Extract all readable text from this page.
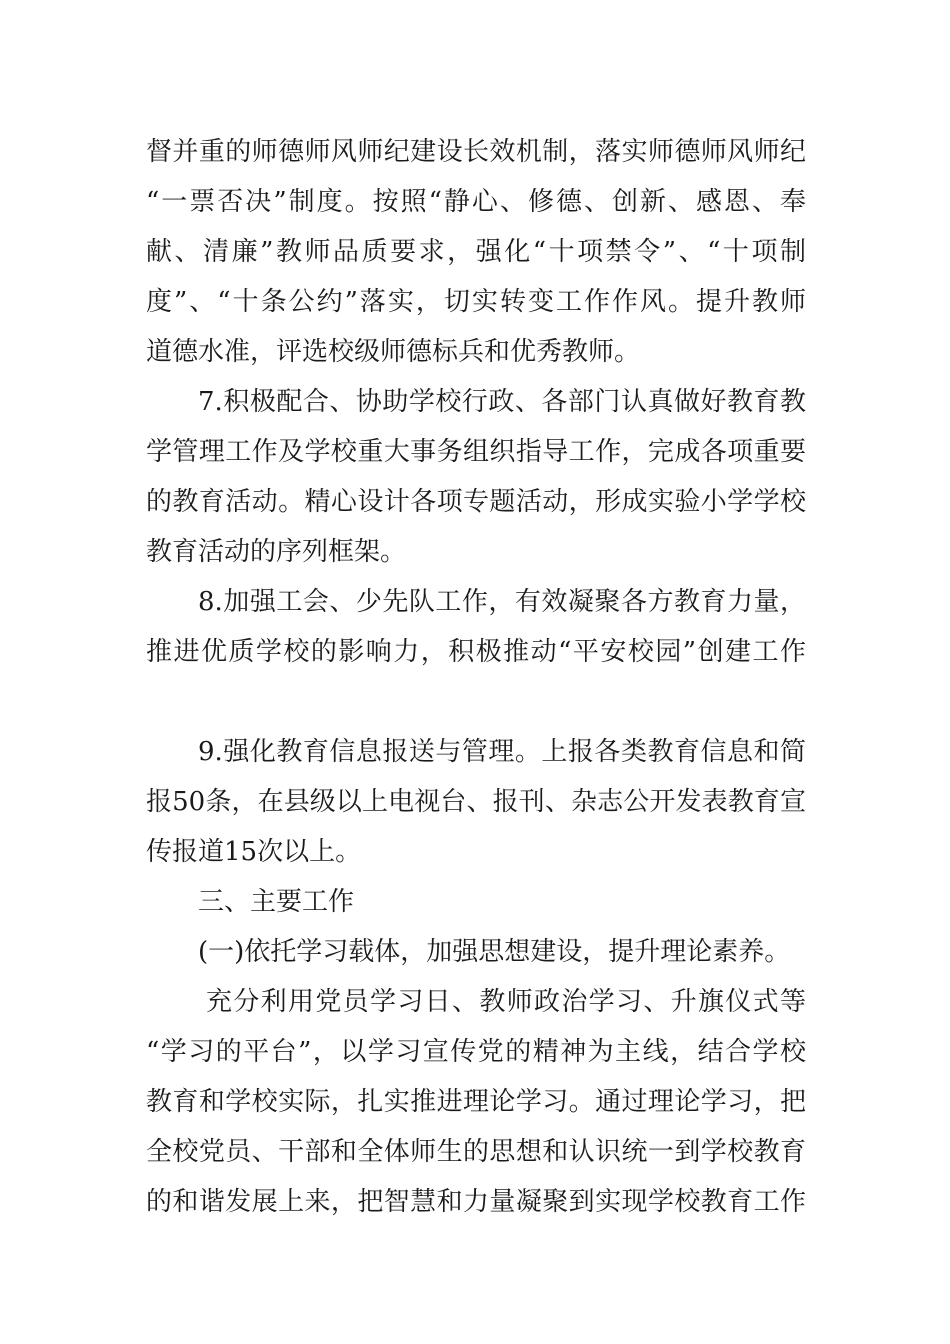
督并重的师德师风师纪建设长效机制，落实师德师风师纪
“一票否决”制度。按照“静心、修德、创新、感恩、奉
献、清廉”教师品质要求，强化“十项禁令”、“十项制
度”、“十条公约”落实，切实转变工作作风。提升教师
道德水准，评选校级师德标兵和优秀教师。
7.积极配合、协助学校行政、各部门认真做好教育教
学管理工作及学校重大事务组织指导工作，完成各项重要
的教育活动。精心设计各项专题活动，形成实验小学学校
教育活动的序列框架。
8.加强工会、少先队工作，有效凝聚各方教育力量，
推进优质学校的影响力，积极推动“平安校园”创建工作
9.强化教育信息报送与管理。上报各类教育信息和简
报50条，在县级以上电视台、报刊、杂志公开发表教育宣
传报道15次以上。
三、主要工作
(一)依托学习载体，加强思想建设，提升理论素养。
充分利用党员学习日、教师政治学习、升旗仪式等
“学习的平台”，以学习宣传党的精神为主线，结合学校
教育和学校实际，扎实推进理论学习。通过理论学习，把
全校党员、干部和全体师生的思想和认识统一到学校教育
的和谐发展上来，把智慧和力量凝聚到实现学校教育工作
